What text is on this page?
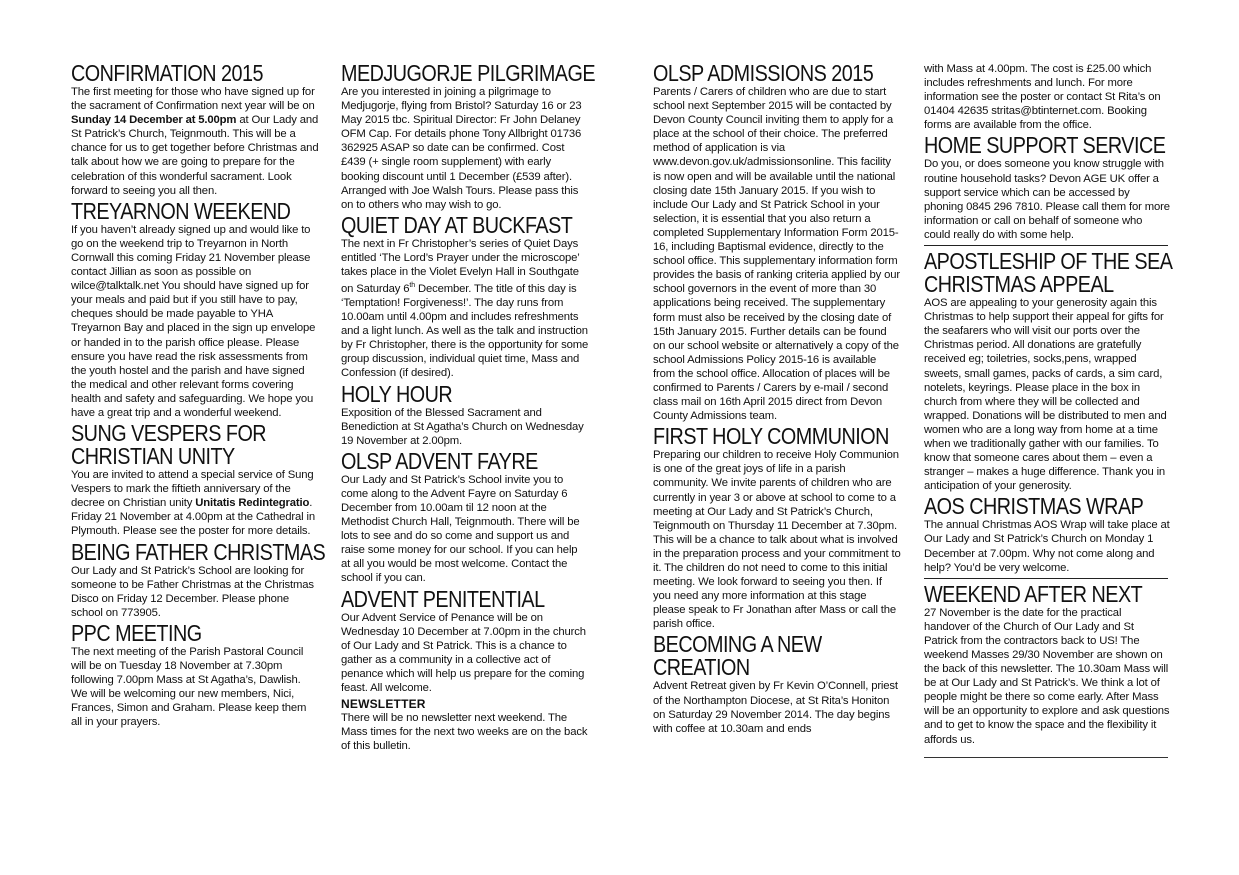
CONFIRMATION 2015

The first meeting for those who have signed up for the sacrament of Confirmation next year will be on Sunday 14 December at 5.00pm at Our Lady and St Patrick’s Church, Teignmouth. This will be a chance for us to get together before Christmas and talk about how we are going to prepare for the celebration of this wonderful sacrament. Look forward to seeing you all then.

TREYARNON WEEKEND

If you haven’t already signed up and would like to go on the weekend trip to Treyarnon in North Cornwall this coming Friday 21 November please contact Jillian as soon as possible on wilce@talktalk.net You should have signed up for your meals and paid but if you still have to pay, cheques should be made payable to YHA Treyarnon Bay and placed in the sign up envelope or handed in to the parish office please. Please ensure you have read the risk assessments from the youth hostel and the parish and have signed the medical and other relevant forms covering health and safety and safeguarding. We hope you have a great trip and a wonderful weekend.

SUNG VESPERS FOR
CHRISTIAN UNITY

You are invited to attend a special service of Sung Vespers to mark the fiftieth anniversary of the decree on Christian unity Unitatis Redintegratio. Friday 21 November at 4.00pm at the Cathedral in Plymouth. Please see the poster for more details.

BEING FATHER CHRISTMAS

Our Lady and St Patrick’s School are looking for someone to be Father Christmas at the Christmas Disco on Friday 12 December. Please phone school on 773905.

PPC MEETING

The next meeting of the Parish Pastoral Council will be on Tuesday 18 November at 7.30pm following 7.00pm Mass at St Agatha’s, Dawlish. We will be welcoming our new members, Nici, Frances, Simon and Graham. Please keep them all in your prayers.

MEDJUGORJE PILGRIMAGE

Are you interested in joining a pilgrimage to Medjugorje, flying from Bristol? Saturday 16 or 23 May 2015 tbc. Spiritual Director: Fr John Delaney OFM Cap. For details phone Tony Allbright 01736 362925 ASAP so date can be confirmed. Cost £439 (+ single room supplement) with early booking discount until 1 December (£539 after). Arranged with Joe Walsh Tours. Please pass this on to others who may wish to go.

QUIET DAY AT BUCKFAST

The next in Fr Christopher’s series of Quiet Days entitled ‘The Lord’s Prayer under the microscope’ takes place in the Violet Evelyn Hall in Southgate on Saturday 6th December. The title of this day is ‘Temptation! Forgiveness!’. The day runs from 10.00am until 4.00pm and includes refreshments and a light lunch. As well as the talk and instruction by Fr Christopher, there is the opportunity for some group discussion, individual quiet time, Mass and Confession (if desired).

HOLY HOUR

Exposition of the Blessed Sacrament and Benediction at St Agatha’s Church on Wednesday 19 November at 2.00pm.

OLSP ADVENT FAYRE

Our Lady and St Patrick’s School invite you to come along to the Advent Fayre on Saturday 6 December from 10.00am til 12 noon at the Methodist Church Hall, Teignmouth. There will be lots to see and do so come and support us and raise some money for our school. If you can help at all you would be most welcome. Contact the school if you can.

ADVENT PENITENTIAL

Our Advent Service of Penance will be on Wednesday 10 December at 7.00pm in the church of Our Lady and St Patrick. This is a chance to gather as a community in a collective act of penance which will help us prepare for the coming feast. All welcome.

NEWSLETTER

There will be no newsletter next weekend. The Mass times for the next two weeks are on the back of this bulletin.

OLSP ADMISSIONS 2015

Parents / Carers of children who are due to start school next September 2015 will be contacted by Devon County Council inviting them to apply for a place at the school of their choice. The preferred method of application is via www.devon.gov.uk/admissionsonline. This facility is now open and will be available until the national closing date 15th January 2015. If you wish to include Our Lady and St Patrick School in your selection, it is essential that you also return a completed Supplementary Information Form 2015-16, including Baptismal evidence, directly to the school office. This supplementary information form provides the basis of ranking criteria applied by our school governors in the event of more than 30 applications being received. The supplementary form must also be received by the closing date of 15th January 2015. Further details can be found on our school website or alternatively a copy of the school Admissions Policy 2015-16 is available from the school office. Allocation of places will be confirmed to Parents / Carers by e-mail / second class mail on 16th April 2015 direct from Devon County Admissions team.

FIRST HOLY COMMUNION

Preparing our children to receive Holy Communion is one of the great joys of life in a parish community. We invite parents of children who are currently in year 3 or above at school to come to a meeting at Our Lady and St Patrick’s Church, Teignmouth on Thursday 11 December at 7.30pm. This will be a chance to talk about what is involved in the preparation process and your commitment to it. The children do not need to come to this initial meeting. We look forward to seeing you then. If you need any more information at this stage please speak to Fr Jonathan after Mass or call the parish office.

BECOMING A NEW
CREATION

Advent Retreat given by Fr Kevin O’Connell, priest of the Northampton Diocese, at St Rita’s Honiton on Saturday 29 November 2014. The day begins with coffee at 10.30am and ends

with Mass at 4.00pm. The cost is £25.00 which includes refreshments and lunch. For more information see the poster or contact St Rita’s on 01404 42635 stritas@btinternet.com. Booking forms are available from the office.

HOME SUPPORT SERVICE

Do you, or does someone you know struggle with routine household tasks? Devon AGE UK offer a support service which can be accessed by phoning 0845 296 7810. Please call them for more information or call on behalf of someone who could really do with some help.

APOSTLESHIP OF THE SEA
CHRISTMAS APPEAL

AOS are appealing to your generosity again this Christmas to help support their appeal for gifts for the seafarers who will visit our ports over the Christmas period. All donations are gratefully received eg; toiletries, socks,pens, wrapped sweets, small games, packs of cards, a sim card, notelets, keyrings. Please place in the box in church from where they will be collected and wrapped. Donations will be distributed to men and women who are a long way from home at a time when we traditionally gather with our families. To know that someone cares about them – even a stranger – makes a huge difference. Thank you in anticipation of your generosity.

AOS CHRISTMAS WRAP

The annual Christmas AOS Wrap will take place at Our Lady and St Patrick’s Church on Monday 1 December at 7.00pm. Why not come along and help? You’d be very welcome.

WEEKEND AFTER NEXT

27 November is the date for the practical handover of the Church of Our Lady and St Patrick from the contractors back to US! The weekend Masses 29/30 November are shown on the back of this newsletter. The 10.30am Mass will be at Our Lady and St Patrick’s. We think a lot of people might be there so come early. After Mass will be an opportunity to explore and ask questions and to get to know the space and the flexibility it affords us.
